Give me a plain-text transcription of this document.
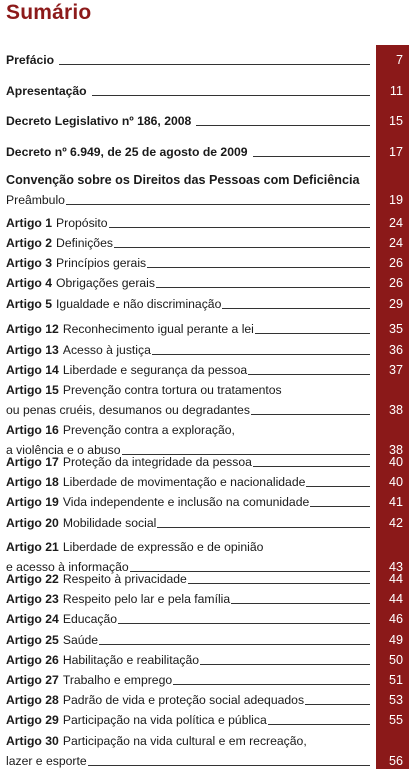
Sumário
Prefácio	7
Apresentação	11
Decreto Legislativo nº 186, 2008	15
Decreto nº 6.949, de 25 de agosto de 2009	17
Convenção sobre os Direitos das Pessoas com Deficiência
Preâmbulo	19
Artigo 1 Propósito	24
Artigo 2 Definições	24
Artigo 3 Princípios gerais	26
Artigo 4 Obrigações gerais	26
Artigo 5 Igualdade e não discriminação	29
Artigo 12 Reconhecimento igual perante a lei	35
Artigo 13 Acesso à justiça	36
Artigo 14 Liberdade e segurança da pessoa	37
Artigo 15 Prevenção contra tortura ou tratamentos
ou penas cruéis, desumanos ou degradantes	38
Artigo 16 Prevenção contra a exploração,
a violência e o abuso	38
Artigo 17 Proteção da integridade da pessoa	40
Artigo 18 Liberdade de movimentação e nacionalidade	40
Artigo 19 Vida independente e inclusão na comunidade	41
Artigo 20 Mobilidade social	42
Artigo 21 Liberdade de expressão e de opinião
e acesso à informação	43
Artigo 22 Respeito à privacidade	44
Artigo 23 Respeito pelo lar e pela família	44
Artigo 24 Educação	46
Artigo 25 Saúde	49
Artigo 26 Habilitação e reabilitação	50
Artigo 27 Trabalho e emprego	51
Artigo 28 Padrão de vida e proteção social adequados	53
Artigo 29 Participação na vida política e pública	55
Artigo 30 Participação na vida cultural e em recreação,
lazer e esporte	56
